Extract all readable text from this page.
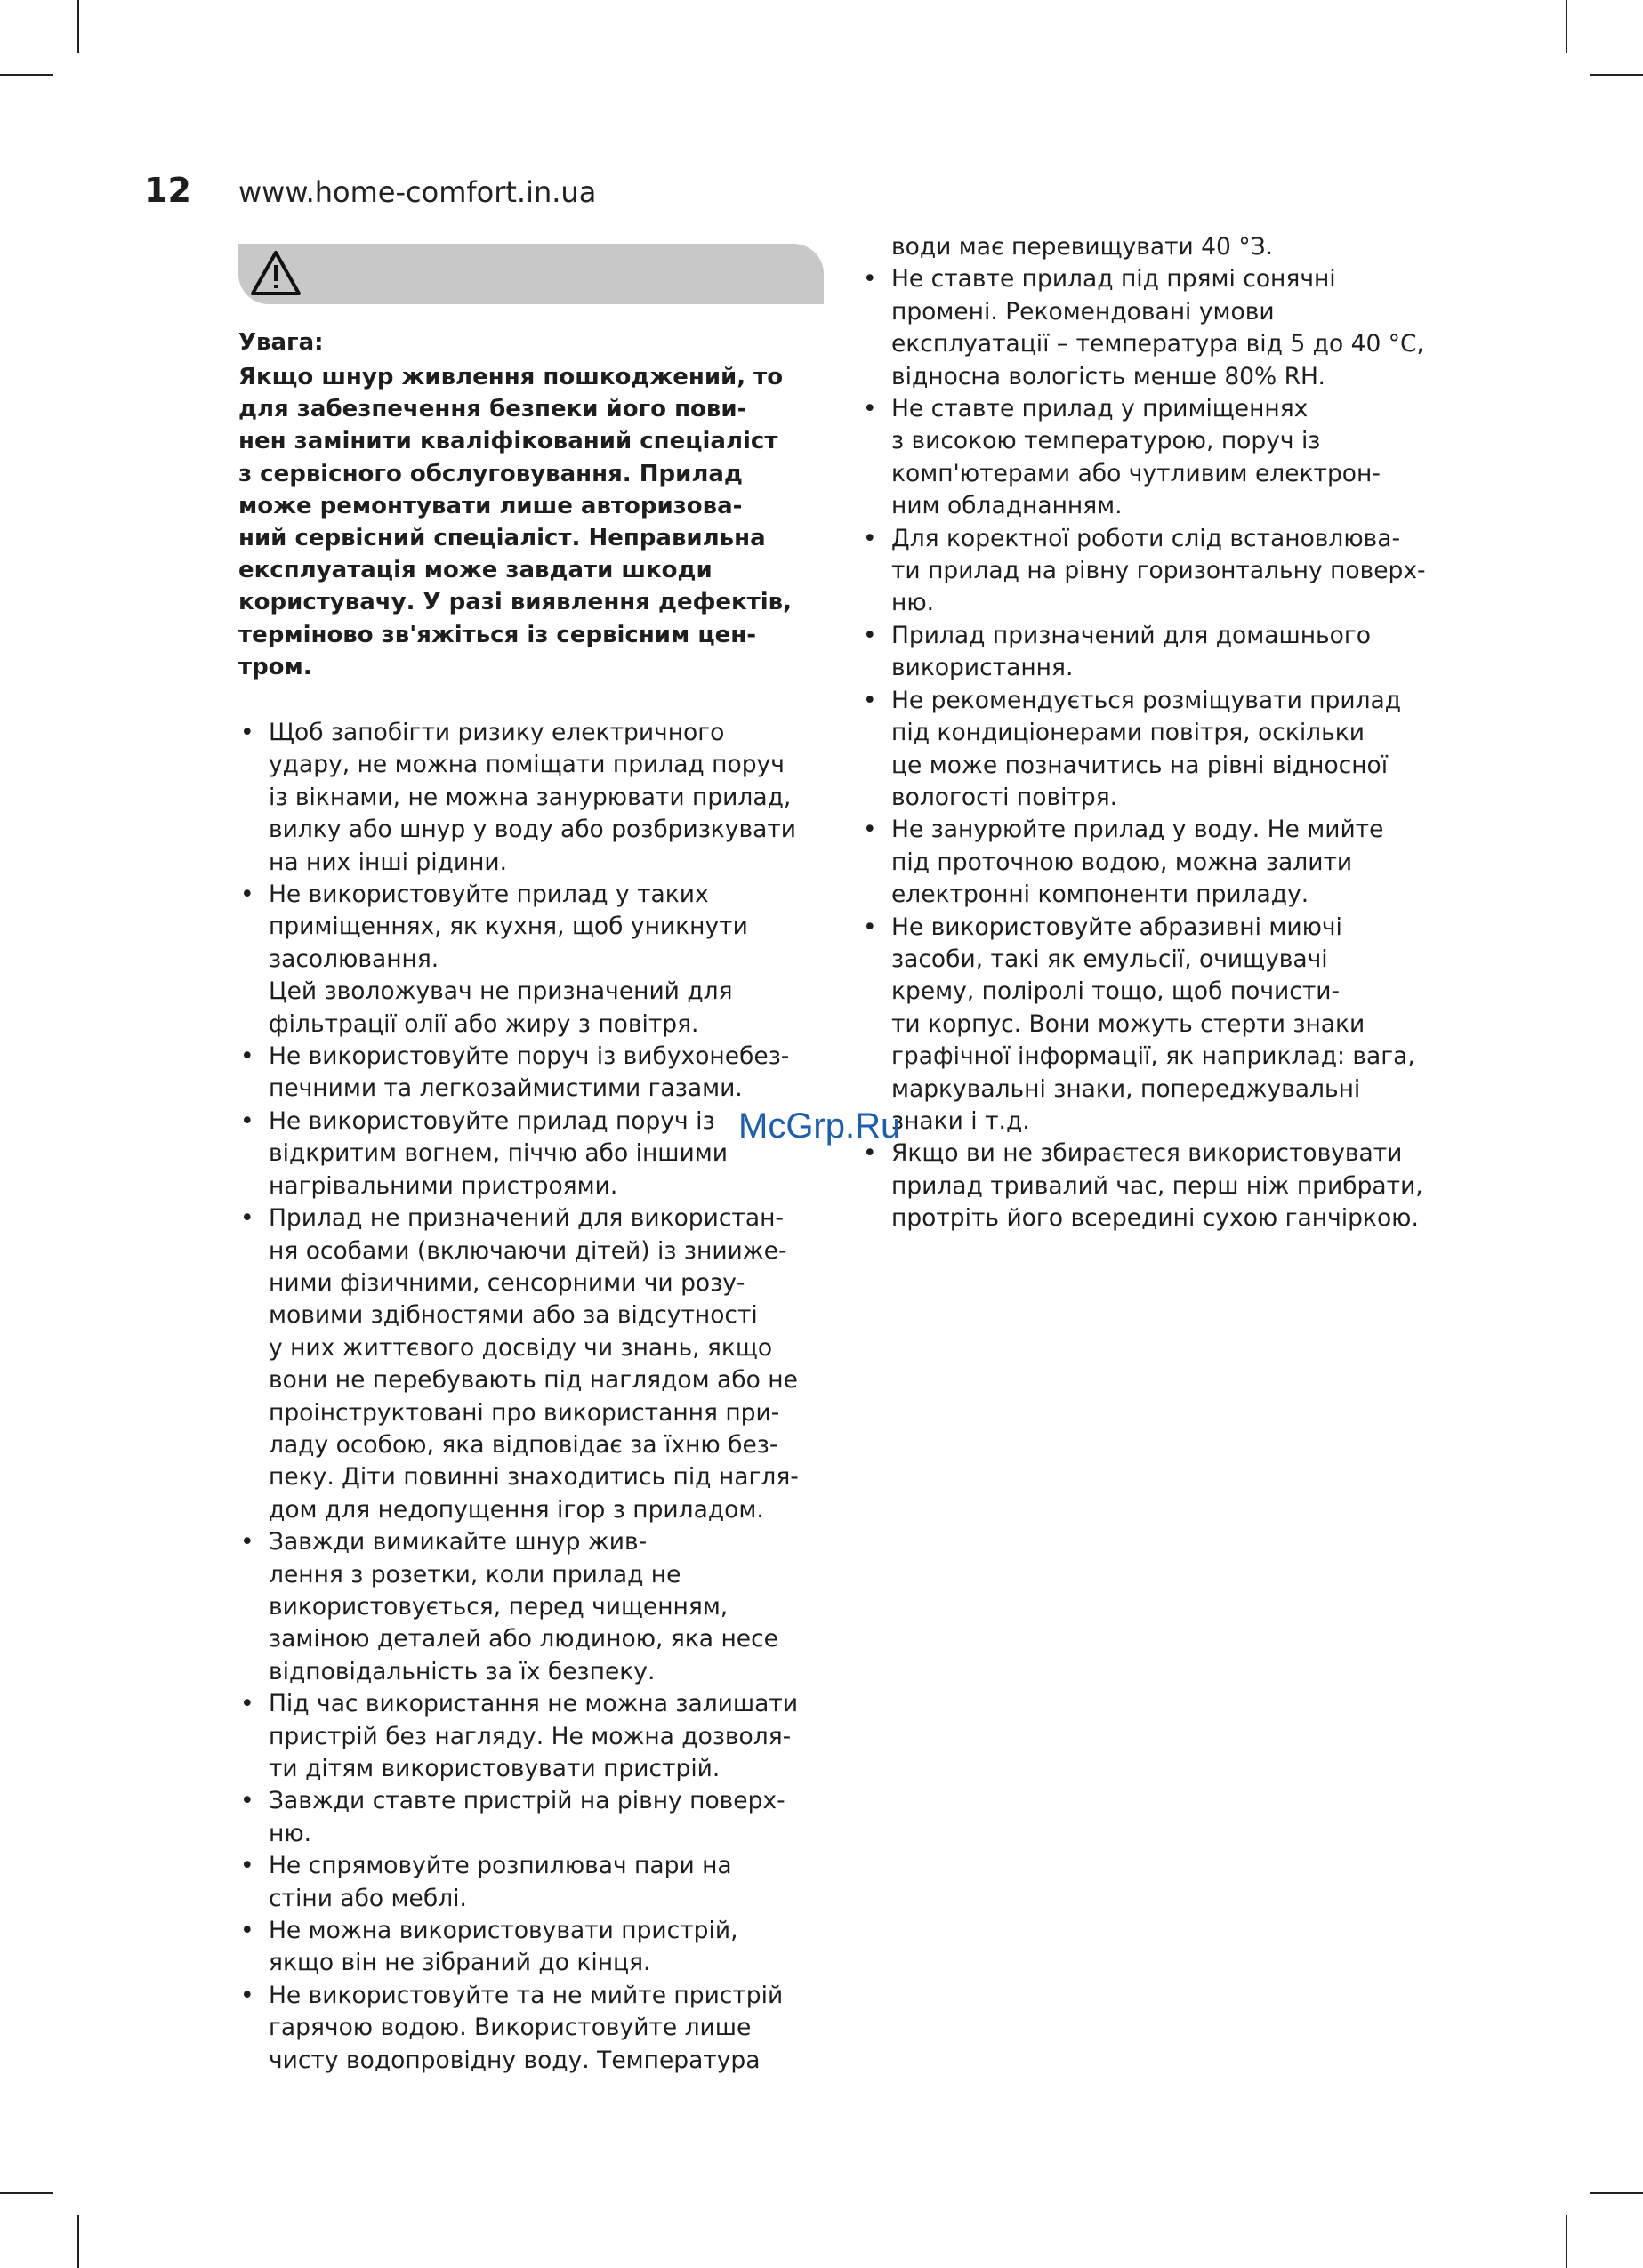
12	www.home-comfort.in.ua
Увага:

Якщо шнур живлення пошкоджений, то
для забезпечення безпеки його пови-
нен замінити кваліфікований спеціаліст
з сервісного обслуговування. Прилад
може ремонтувати лише авторизова-
ний сервісний спеціаліст. Неправильна
експлуатація може завдати шкоди
користувачу. У разі виявлення дефектів,
терміново зв'яжіться із сервісним цен-
тром.

• Щоб запобігти ризику електричного
удару, не можна поміщати прилад поруч
із вікнами, не можна занурювати прилад,
вилку або шнур у воду або розбризкувати
на них інші рідини.
• Не використовуйте прилад у таких
приміщеннях, як кухня, щоб уникнути
засолювання.
Цей зволожувач не призначений для
фільтрації олії або жиру з повітря.
• Не використовуйте поруч із вибухонебез-
печними та легкозаймистими газами.
• Не використовуйте прилад поруч із
відкритим вогнем, піччю або іншими
нагрівальними пристроями.
• Прилад не призначений для використан-
ня особами (включаючи дітей) із знииже-
ними фізичними, сенсорними чи розу-
мовими здібностями або за відсутності
у них життєвого досвіду чи знань, якщо
вони не перебувають під наглядом або не
проінструктовані про використання при-
ладу особою, яка відповідає за їхню без-
пеку. Діти повинні знаходитись під нагля-
дом для недопущення ігор з приладом.
• Завжди вимикайте шнур жив-
лення з розетки, коли прилад не
використовується, перед чищенням,
заміною деталей або людиною, яка несе
відповідальність за їх безпеку.
• Під час використання не можна залишати
пристрій без нагляду. Не можна дозволя-
ти дітям використовувати пристрій.
• Завжди ставте пристрій на рівну поверх-
ню.
• Не спрямовуйте розпилювач пари на
стіни або меблі.
• Не можна використовувати пристрій,
якщо він не зібраний до кінця.
• Не використовуйте та не мийте пристрій
гарячою водою. Використовуйте лише
чисту водопровідну воду. Температура
води має перевищувати 40 °З.
• Не ставте прилад під прямі сонячні
промені. Рекомендовані умови
експлуатації – температура від 5 до 40 °С,
відносна вологість менше 80% RH.
• Не ставте прилад у приміщеннях
з високою температурою, поруч із
комп'ютерами або чутливим електрон-
ним обладнанням.
• Для коректної роботи слід встановлюва-
ти прилад на рівну горизонтальну поверх-
ню.
• Прилад призначений для домашнього
використання.
• Не рекомендується розміщувати прилад
під кондиціонерами повітря, оскільки
це може позначитись на рівні відносної
вологості повітря.
• Не занурюйте прилад у воду. Не мийте
під проточною водою, можна залити
електронні компоненти приладу.
• Не використовуйте абразивні миючі
засоби, такі як емульсії, очищувачі
крему, поліролі тощо, щоб почисти-
ти корпус. Вони можуть стерти знаки
графічної інформації, як наприклад: вага,
маркувальні знаки, попереджувальні
знаки і т.д.
• Якщо ви не збираєтеся використовувати
прилад тривалий час, перш ніж прибрати,
протріть його всередині сухою ганчіркою.
McGrp.Ru
